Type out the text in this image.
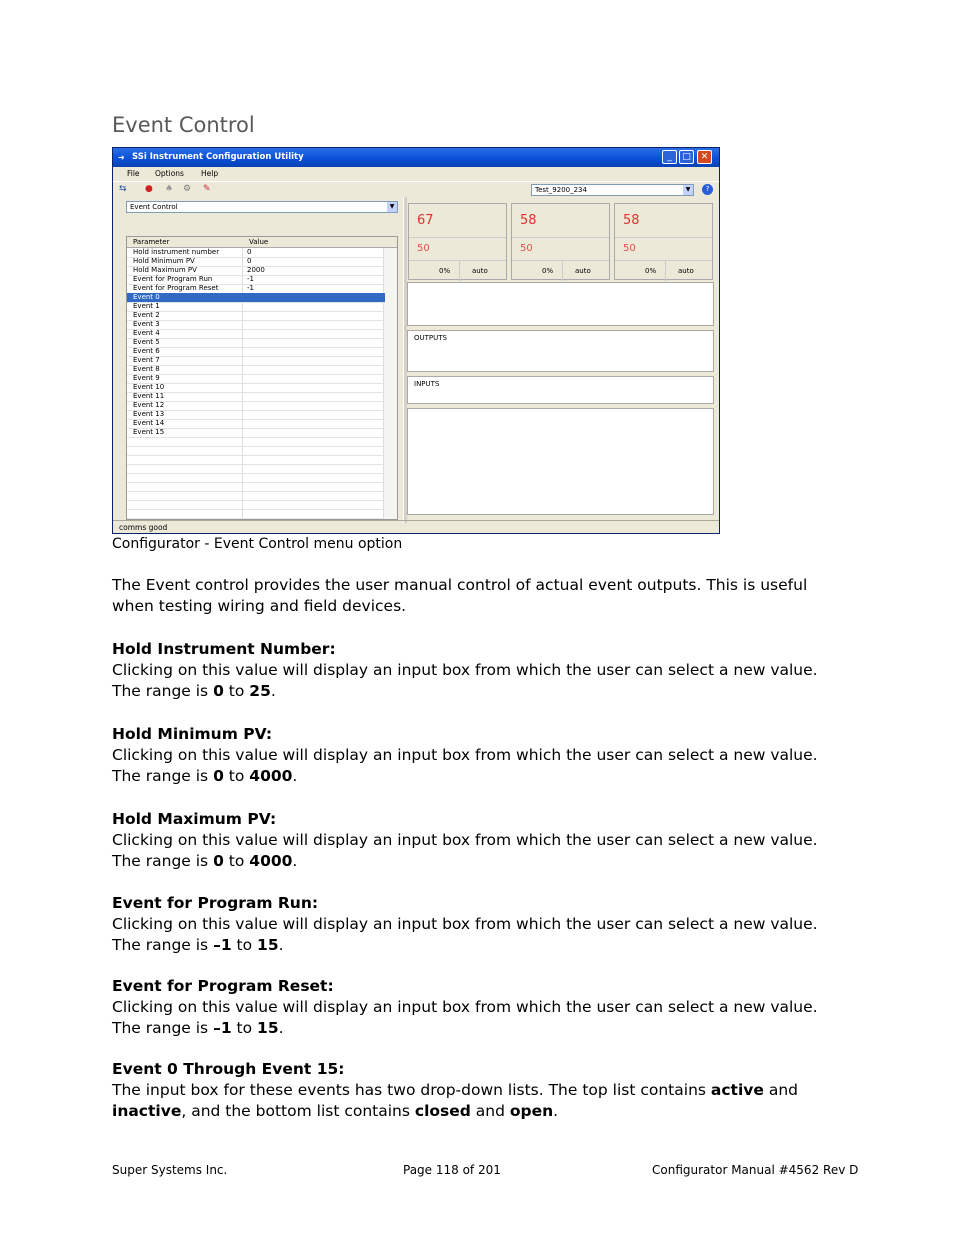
Event Control
➜ SSi Instrument Configuration Utility	_	□	✕
File Options Help
⇆ ● ♠ ⚙ ✎	Test_9200_234	▼	?
Event Control	▼
Parameter	Value
Hold instrument number	0
Hold Minimum PV	0
Hold Maximum PV	2000
Event for Program Run	-1
Event for Program Reset	-1
Event 0
Event 1
Event 2
Event 3
Event 4
Event 5
Event 6
Event 7
Event 8
Event 9
Event 10
Event 11
Event 12
Event 13
Event 14
Event 15
OUTPUTS
INPUTS
comms good
67
50
0%	auto
58
50
0%	auto
58
50
0%	auto
Configurator - Event Control menu option
The Event control provides the user manual control of actual event outputs. This is useful when testing wiring and field devices.
Hold Instrument Number:
Clicking on this value will display an input box from which the user can select a new value. The range is 0 to 25.
Hold Minimum PV:
Clicking on this value will display an input box from which the user can select a new value. The range is 0 to 4000.
Hold Maximum PV:
Clicking on this value will display an input box from which the user can select a new value. The range is 0 to 4000.
Event for Program Run:
Clicking on this value will display an input box from which the user can select a new value. The range is –1 to 15.
Event for Program Reset:
Clicking on this value will display an input box from which the user can select a new value. The range is –1 to 15.
Event 0 Through Event 15:
The input box for these events has two drop-down lists. The top list contains active and inactive, and the bottom list contains closed and open.
Super Systems Inc.	Page 118 of 201	Configurator Manual #4562 Rev D
